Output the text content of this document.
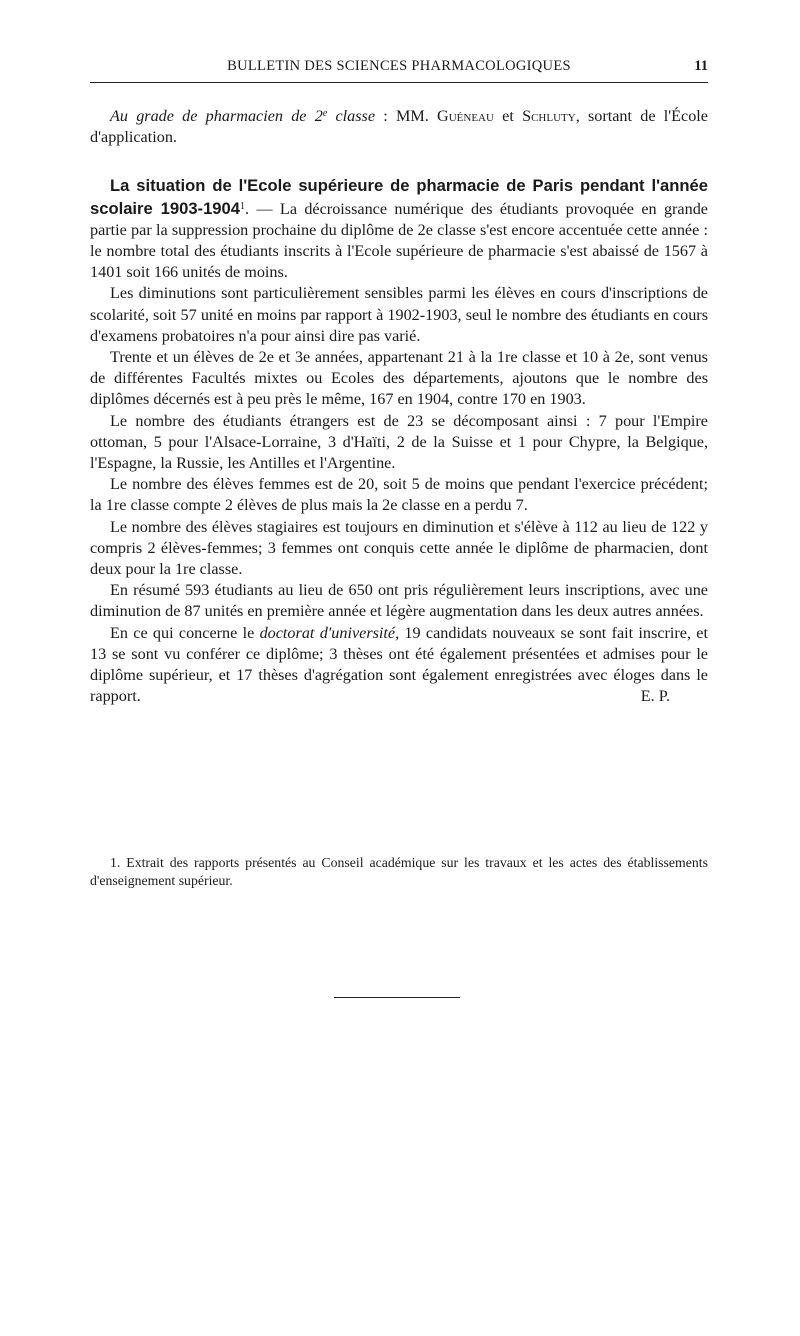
BULLETIN DES SCIENCES PHARMACOLOGIQUES	11

Au grade de pharmacien de 2e classe : MM. Guéneau et Schluty, sortant de l'École d'application.

La situation de l'Ecole supérieure de pharmacie de Paris pendant l'année scolaire 1903-1904$^1$. — La décroissance numérique des étudiants provoquée en grande partie par la suppression prochaine du diplôme de 2e classe s'est encore accentuée cette année : le nombre total des étudiants inscrits à l'Ecole supérieure de pharmacie s'est abaissé de 1567 à 1401 soit 166 unités de moins.

Les diminutions sont particulièrement sensibles parmi les élèves en cours d'inscriptions de scolarité, soit 57 unité en moins par rapport à 1902-1903, seul le nombre des étudiants en cours d'examens probatoires n'a pour ainsi dire pas varié.

Trente et un élèves de 2e et 3e années, appartenant 21 à la 1re classe et 10 à 2e, sont venus de différentes Facultés mixtes ou Ecoles des départements, ajoutons que le nombre des diplômes décernés est à peu près le même, 167 en 1904, contre 170 en 1903.

Le nombre des étudiants étrangers est de 23 se décomposant ainsi : 7 pour l'Empire ottoman, 5 pour l'Alsace-Lorraine, 3 d'Haïti, 2 de la Suisse et 1 pour Chypre, la Belgique, l'Espagne, la Russie, les Antilles et l'Argentine.

Le nombre des élèves femmes est de 20, soit 5 de moins que pendant l'exercice précédent; la 1re classe compte 2 élèves de plus mais la 2e classe en a perdu 7.

Le nombre des élèves stagiaires est toujours en diminution et s'élève à 112 au lieu de 122 y compris 2 élèves-femmes; 3 femmes ont conquis cette année le diplôme de pharmacien, dont deux pour la 1re classe.

En résumé 593 étudiants au lieu de 650 ont pris régulièrement leurs inscriptions, avec une diminution de 87 unités en première année et légère augmentation dans les deux autres années.

En ce qui concerne le doctorat d'université, 19 candidats nouveaux se sont fait inscrire, et 13 se sont vu conférer ce diplôme; 3 thèses ont été également présentées et admises pour le diplôme supérieur, et 17 thèses d'agrégation sont également enregistrées avec éloges dans le rapport.	E. P.

1. Extrait des rapports présentés au Conseil académique sur les travaux et les actes des établissements d'enseignement supérieur.
